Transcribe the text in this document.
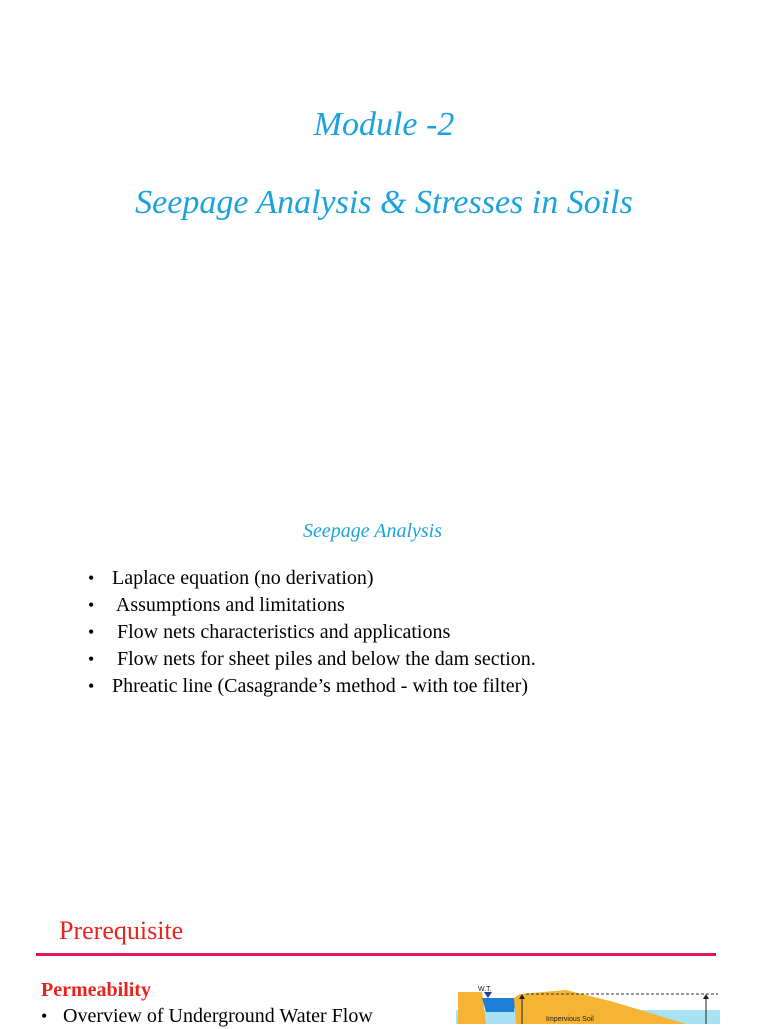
Module -2
Seepage Analysis & Stresses in Soils
Seepage Analysis
• Laplace equation (no derivation)
• Assumptions and limitations
• Flow nets characteristics and applications
• Flow nets for sheet piles and below the dam section.
• Phreatic line (Casagrande’s method - with toe filter)
Prerequisite
Permeability
• Overview of Underground Water Flow
W.T.
Impervious Soil
